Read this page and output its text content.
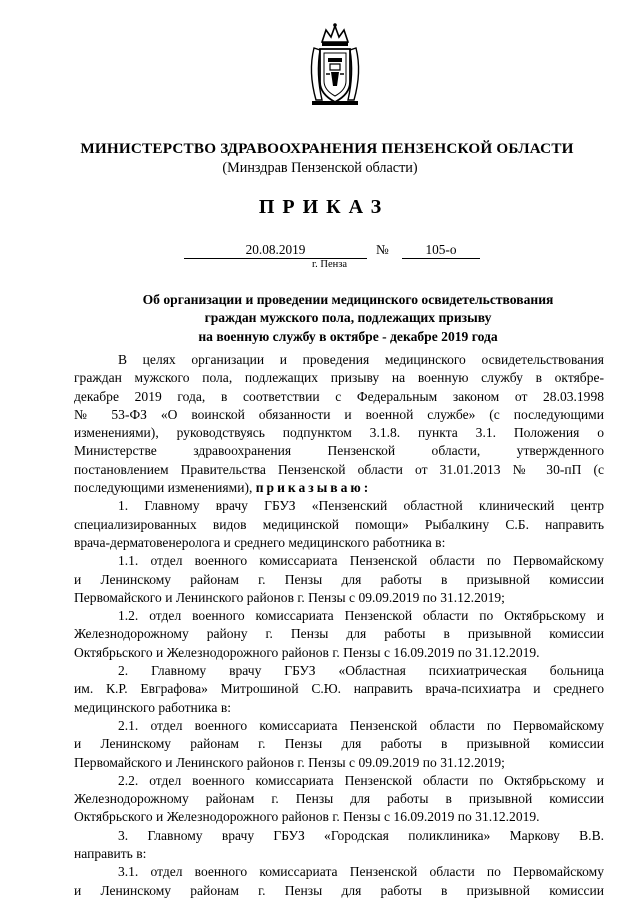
МИНИСТЕРСТВО ЗДРАВООХРАНЕНИЯ ПЕНЗЕНСКОЙ ОБЛАСТИ
(Минздрав Пензенской области)
ПРИКАЗ
20.08.2019	№	105-о
г. Пенза
Об организации и проведении медицинского освидетельствования
граждан мужского пола, подлежащих призыву
на военную службу в октябре - декабре 2019 года
В целях организации и проведения медицинского освидетельствования
граждан мужского пола, подлежащих призыву на военную службу в октябре-
декабре 2019 года, в соответствии с Федеральным законом от 28.03.1998
№ 53-ФЗ «О воинской обязанности и военной службе» (с последующими
изменениями), руководствуясь подпунктом 3.1.8. пункта 3.1. Положения о
Министерстве здравоохранения Пензенской области, утвержденного
постановлением Правительства Пензенской области от 31.01.2013 № 30-пП (с
последующими изменениями), приказываю:
1. Главному врачу ГБУЗ «Пензенский областной клинический центр
специализированных видов медицинской помощи» Рыбалкину С.Б. направить
врача-дерматовенеролога и среднего медицинского работника в:
1.1. отдел военного комиссариата Пензенской области по Первомайскому
и Ленинскому районам г. Пензы для работы в призывной комиссии
Первомайского и Ленинского районов г. Пензы с 09.09.2019 по 31.12.2019;
1.2. отдел военного комиссариата Пензенской области по Октябрьскому и
Железнодорожному району г. Пензы для работы в призывной комиссии
Октябрьского и Железнодорожного районов г. Пензы с 16.09.2019 по 31.12.2019.
2. Главному врачу ГБУЗ «Областная психиатрическая больница
им. К.Р. Евграфова» Митрошиной С.Ю. направить врача-психиатра и среднего
медицинского работника в:
2.1. отдел военного комиссариата Пензенской области по Первомайскому
и Ленинскому районам г. Пензы для работы в призывной комиссии
Первомайского и Ленинского районов г. Пензы с 09.09.2019 по 31.12.2019;
2.2. отдел военного комиссариата Пензенской области по Октябрьскому и
Железнодорожному районам г. Пензы для работы в призывной комиссии
Октябрьского и Железнодорожного районов г. Пензы с 16.09.2019 по 31.12.2019.
3. Главному врачу ГБУЗ «Городская поликлиника» Маркову В.В.
направить в:
3.1. отдел военного комиссариата Пензенской области по Первомайскому
и Ленинскому районам г. Пензы для работы в призывной комиссии
